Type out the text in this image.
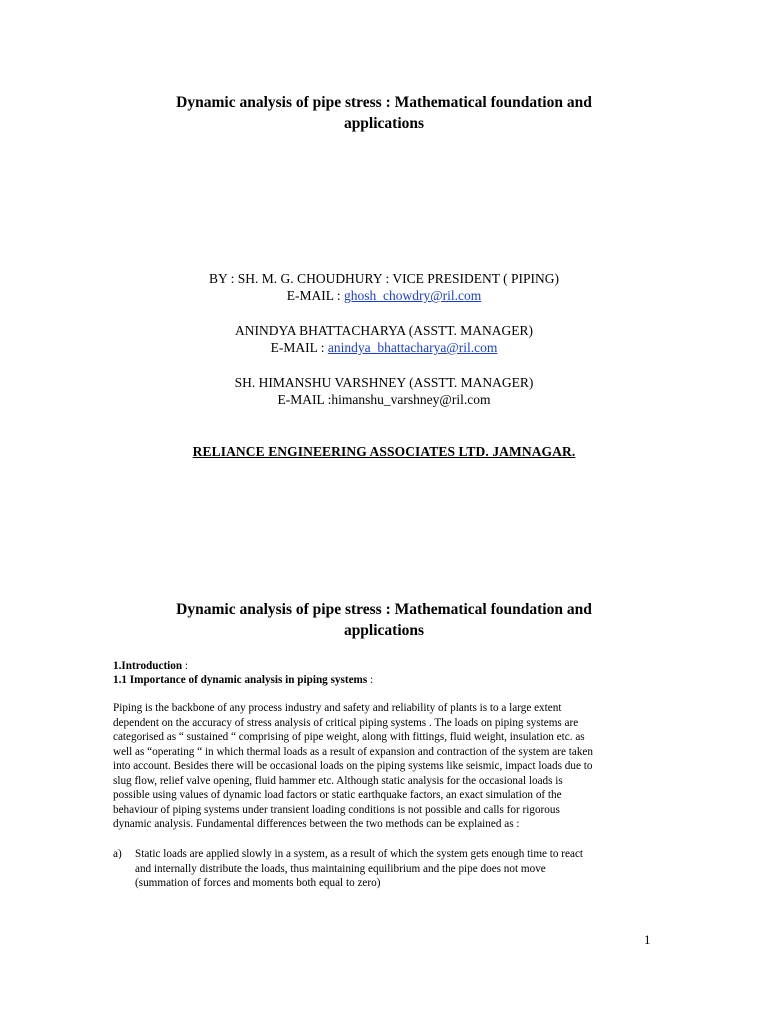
Dynamic analysis of pipe stress : Mathematical foundation and
applications
BY : SH. M. G. CHOUDHURY : VICE PRESIDENT ( PIPING)
E-MAIL : ghosh_chowdry@ril.com
ANINDYA BHATTACHARYA (ASSTT. MANAGER)
E-MAIL : anindya_bhattacharya@ril.com
SH. HIMANSHU VARSHNEY (ASSTT. MANAGER)
E-MAIL :himanshu_varshney@ril.com
RELIANCE ENGINEERING ASSOCIATES LTD. JAMNAGAR.
Dynamic analysis of pipe stress : Mathematical foundation and
applications
1.Introduction :
1.1 Importance of dynamic analysis in piping systems :
Piping is the backbone of any process industry and safety and reliability of plants is to a large extent
dependent on the accuracy of stress analysis of critical piping systems . The loads on piping systems are
categorised as “ sustained “ comprising of pipe weight, along with fittings, fluid weight, insulation etc. as
well as “operating “ in which thermal loads as a result of expansion and contraction of the system are taken
into account. Besides there will be occasional loads on the piping systems like seismic, impact loads due to
slug flow, relief valve opening, fluid hammer etc. Although static analysis for the occasional loads is
possible using values of dynamic load factors or static earthquake factors, an exact simulation of the
behaviour of piping systems under transient loading conditions is not possible and calls for rigorous
dynamic analysis. Fundamental differences between the two methods can be explained as :
a)	Static loads are applied slowly in a system, as a result of which the system gets enough time to react
and internally distribute the loads, thus maintaining equilibrium and the pipe does not move
(summation of forces and moments both equal to zero)
1
